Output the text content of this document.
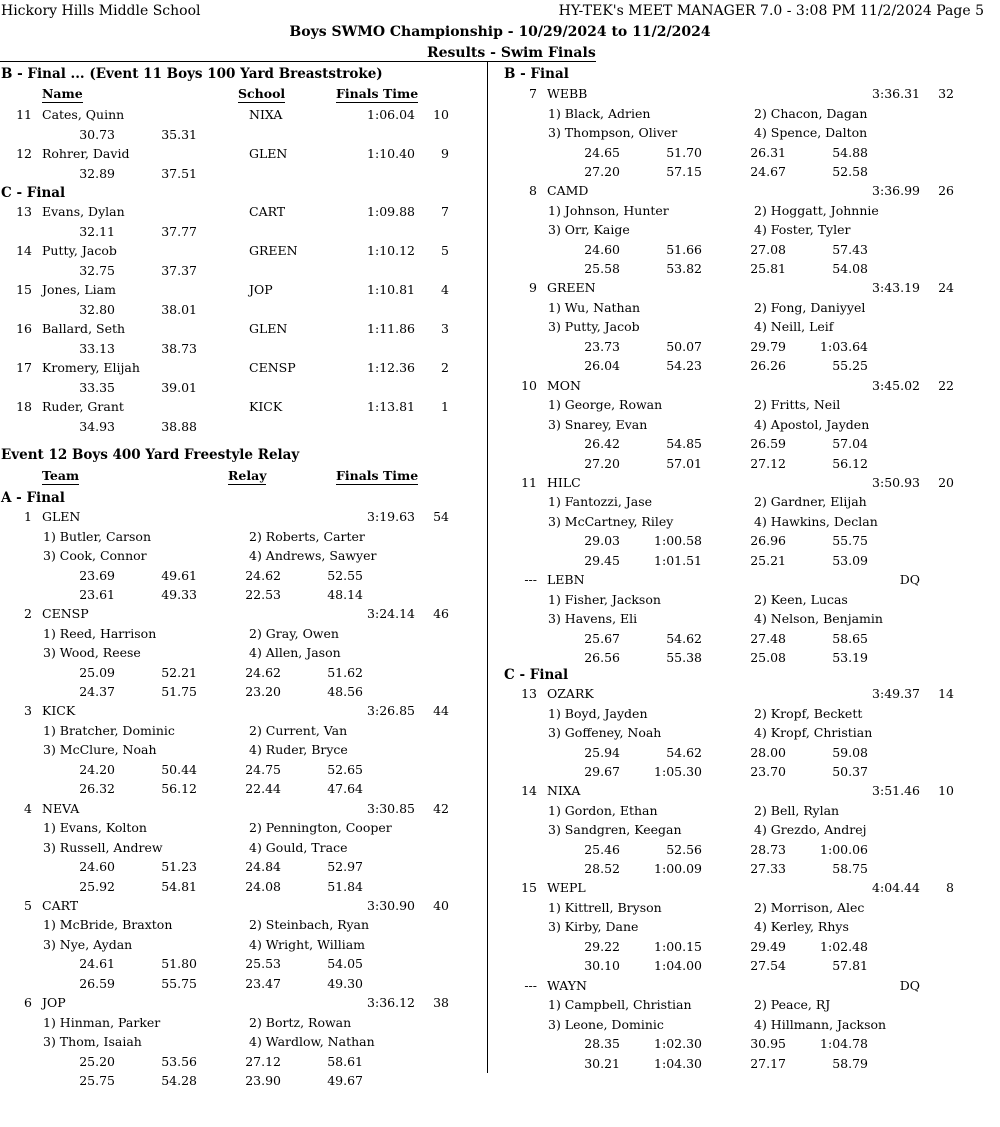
Hickory Hills Middle School	HY-TEK's MEET MANAGER 7.0 - 3:08 PM 11/2/2024 Page 5
Boys SWMO Championship - 10/29/2024 to 11/2/2024
Results - Swim Finals
B - Final ... (Event 11 Boys 100 Yard Breaststroke)
Name	School	Finals Time
11 Cates, Quinn	NIXA	1:06.04 10
30.73	35.31
12 Rohrer, David	GLEN	1:10.40 9
32.89	37.51
C - Final
13 Evans, Dylan	CART	1:09.88 7
32.11	37.77
14 Putty, Jacob	GREEN	1:10.12 5
32.75	37.37
15 Jones, Liam	JOP	1:10.81 4
32.80	38.01
16 Ballard, Seth	GLEN	1:11.86 3
33.13	38.73
17 Kromery, Elijah	CENSP	1:12.36 2
33.35	39.01
18 Ruder, Grant	KICK	1:13.81 1
34.93	38.88
Event 12 Boys 400 Yard Freestyle Relay
Team	Relay	Finals Time
A - Final
1 GLEN	3:19.63 54
1) Butler, Carson	2) Roberts, Carter
3) Cook, Connor	4) Andrews, Sawyer
23.69	49.61	24.62	52.55
23.61	49.33	22.53	48.14
2 CENSP	3:24.14 46
1) Reed, Harrison	2) Gray, Owen
3) Wood, Reese	4) Allen, Jason
25.09	52.21	24.62	51.62
24.37	51.75	23.20	48.56
3 KICK	3:26.85 44
1) Bratcher, Dominic	2) Current, Van
3) McClure, Noah	4) Ruder, Bryce
24.20	50.44	24.75	52.65
26.32	56.12	22.44	47.64
4 NEVA	3:30.85 42
1) Evans, Kolton	2) Pennington, Cooper
3) Russell, Andrew	4) Gould, Trace
24.60	51.23	24.84	52.97
25.92	54.81	24.08	51.84
5 CART	3:30.90 40
1) McBride, Braxton	2) Steinbach, Ryan
3) Nye, Aydan	4) Wright, William
24.61	51.80	25.53	54.05
26.59	55.75	23.47	49.30
6 JOP	3:36.12 38
1) Hinman, Parker	2) Bortz, Rowan
3) Thom, Isaiah	4) Wardlow, Nathan
25.20	53.56	27.12	58.61
25.75	54.28	23.90	49.67
B - Final
7 WEBB	3:36.31 32
1) Black, Adrien	2) Chacon, Dagan
3) Thompson, Oliver	4) Spence, Dalton
24.65	51.70	26.31	54.88
27.20	57.15	24.67	52.58
8 CAMD	3:36.99 26
1) Johnson, Hunter	2) Hoggatt, Johnnie
3) Orr, Kaige	4) Foster, Tyler
24.60	51.66	27.08	57.43
25.58	53.82	25.81	54.08
9 GREEN	3:43.19 24
1) Wu, Nathan	2) Fong, Daniyyel
3) Putty, Jacob	4) Neill, Leif
23.73	50.07	29.79	1:03.64
26.04	54.23	26.26	55.25
10 MON	3:45.02 22
1) George, Rowan	2) Fritts, Neil
3) Snarey, Evan	4) Apostol, Jayden
26.42	54.85	26.59	57.04
27.20	57.01	27.12	56.12
11 HILC	3:50.93 20
1) Fantozzi, Jase	2) Gardner, Elijah
3) McCartney, Riley	4) Hawkins, Declan
29.03	1:00.58	26.96	55.75
29.45	1:01.51	25.21	53.09
--- LEBN	DQ
1) Fisher, Jackson	2) Keen, Lucas
3) Havens, Eli	4) Nelson, Benjamin
25.67	54.62	27.48	58.65
26.56	55.38	25.08	53.19
C - Final
13 OZARK	3:49.37 14
1) Boyd, Jayden	2) Kropf, Beckett
3) Goffeney, Noah	4) Kropf, Christian
25.94	54.62	28.00	59.08
29.67	1:05.30	23.70	50.37
14 NIXA	3:51.46 10
1) Gordon, Ethan	2) Bell, Rylan
3) Sandgren, Keegan	4) Grezdo, Andrej
25.46	52.56	28.73	1:00.06
28.52	1:00.09	27.33	58.75
15 WEPL	4:04.44 8
1) Kittrell, Bryson	2) Morrison, Alec
3) Kirby, Dane	4) Kerley, Rhys
29.22	1:00.15	29.49	1:02.48
30.10	1:04.00	27.54	57.81
--- WAYN	DQ
1) Campbell, Christian	2) Peace, RJ
3) Leone, Dominic	4) Hillmann, Jackson
28.35	1:02.30	30.95	1:04.78
30.21	1:04.30	27.17	58.79
